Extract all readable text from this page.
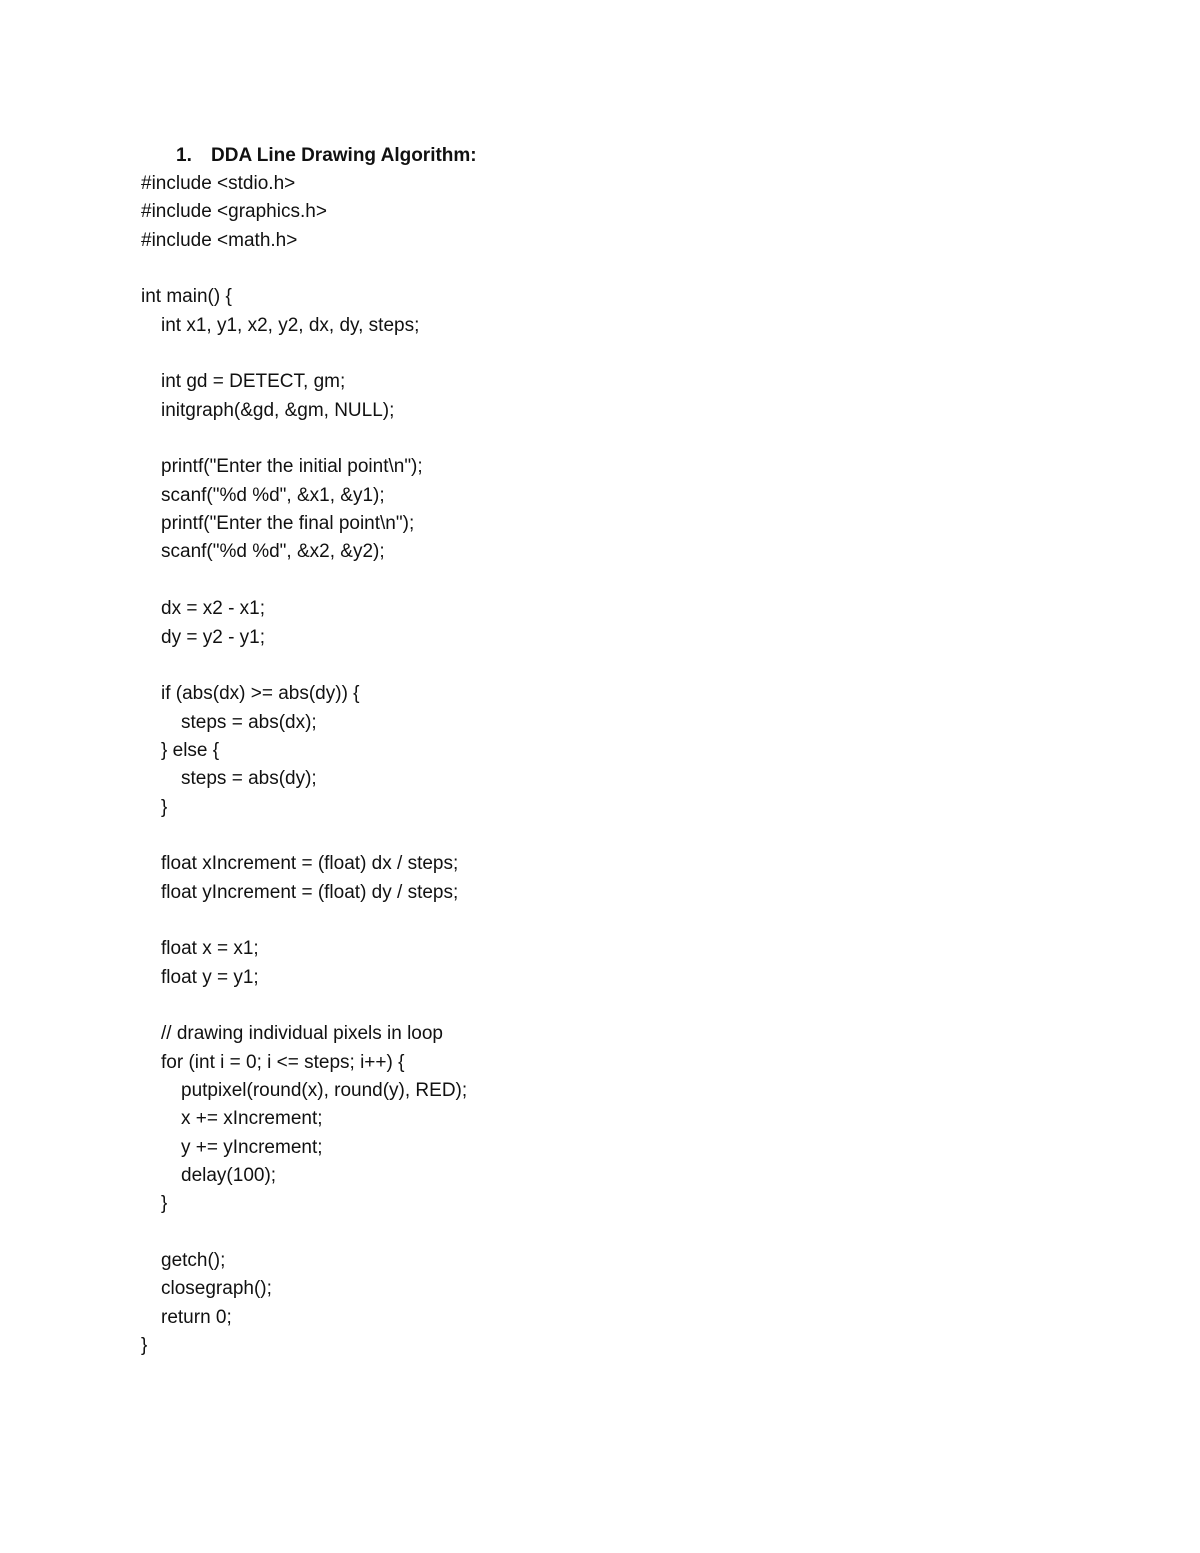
1. DDA Line Drawing Algorithm:
#include <stdio.h>
#include <graphics.h>
#include <math.h>
int main() {
int x1, y1, x2, y2, dx, dy, steps;
int gd = DETECT, gm;
initgraph(&gd, &gm, NULL);
printf("Enter the initial point\n");
scanf("%d %d", &x1, &y1);
printf("Enter the final point\n");
scanf("%d %d", &x2, &y2);
dx = x2 - x1;
dy = y2 - y1;
if (abs(dx) >= abs(dy)) {
steps = abs(dx);
} else {
steps = abs(dy);
}
float xIncrement = (float) dx / steps;
float yIncrement = (float) dy / steps;
float x = x1;
float y = y1;
// drawing individual pixels in loop
for (int i = 0; i <= steps; i++) {
putpixel(round(x), round(y), RED);
x += xIncrement;
y += yIncrement;
delay(100);
}
getch();
closegraph();
return 0;
}
